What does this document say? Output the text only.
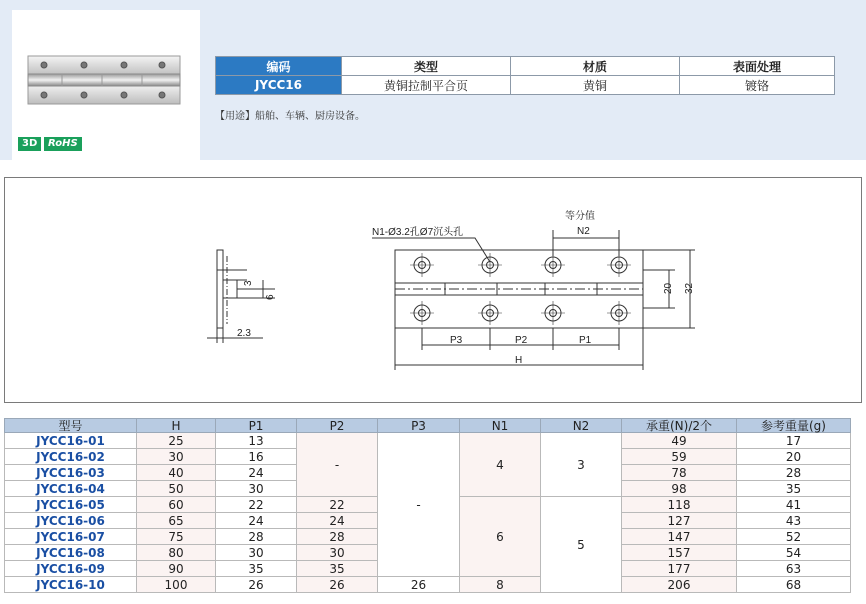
3D	RoHS
编码	类型	材质	表面处理
JYCC16	黄铜拉制平合页	黄铜	镀铬
【用途】船舶、车辆、厨房设备。
3
6
2.3
N1-Ø3.2孔Ø7沉头孔
等分值
N2
20 32
P3	P2	P1
H
型号	H	P1	P2	P3	N1	N2	承重(N)/2个	参考重量(g)
JYCC16-01	25	13	-	-	4	3	49	17
JYCC16-02	30	16					59	20
JYCC16-03	40	24					78	28
JYCC16-04	50	30					98	35
JYCC16-05	60	22	22		6	5	118	41
JYCC16-06	65	24	24				127	43
JYCC16-07	75	28	28				147	52
JYCC16-08	80	30	30				157	54
JYCC16-09	90	35	35				177	63
JYCC16-10	100	26	26	26	8		206	68
